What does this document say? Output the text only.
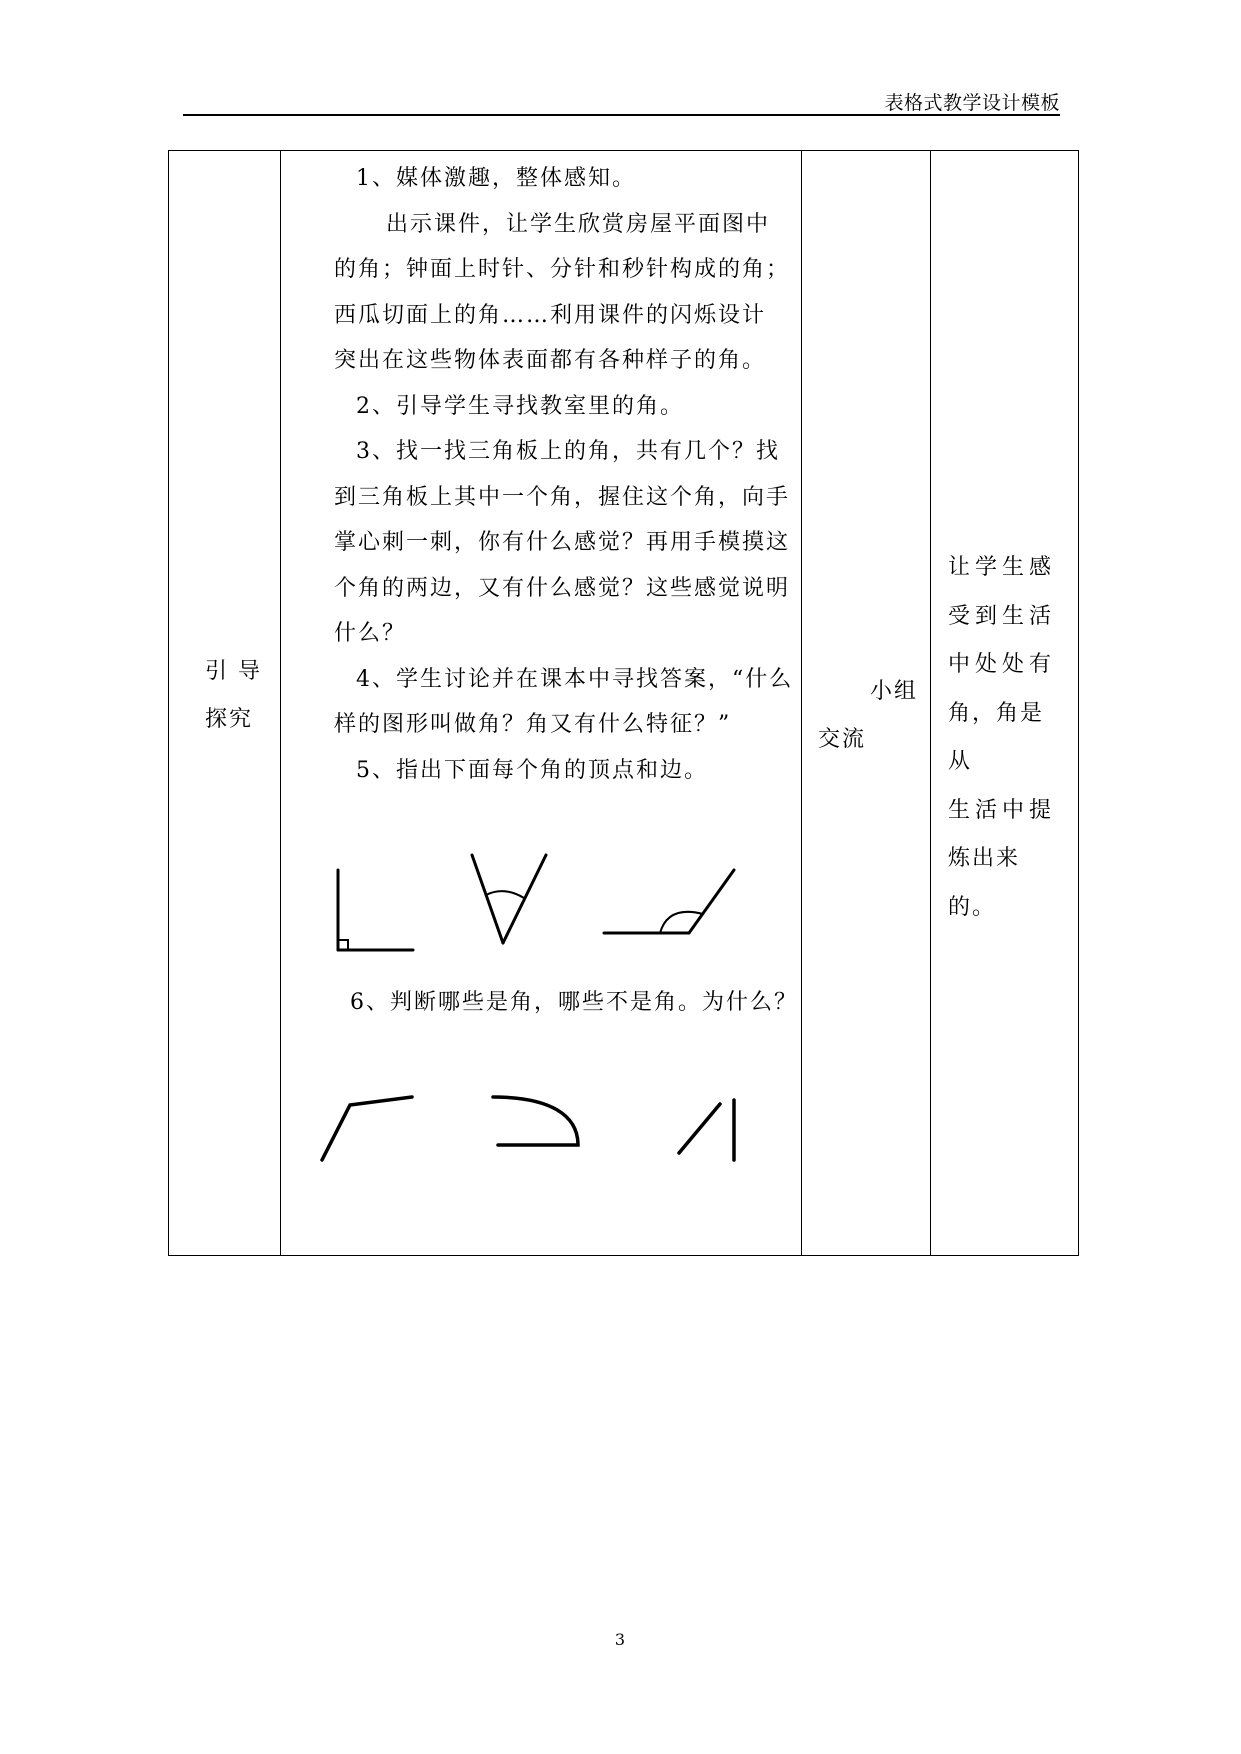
表格式教学设计模板
引 导
探究

1、媒体激趣，整体感知。

出示课件，让学生欣赏房屋平面图中

的角；钟面上时针、分针和秒针构成的角；

西瓜切面上的角……利用课件的闪烁设计

突出在这些物体表面都有各种样子的角。

2、引导学生寻找教室里的角。

3、找一找三角板上的角，共有几个？找

到三角板上其中一个角，握住这个角，向手

掌心刺一刺，你有什么感觉？再用手模摸这

个角的两边，又有什么感觉？这些感觉说明

什么？

4、学生讨论并在课本中寻找答案，“什么

样的图形叫做角？角又有什么特征？”

5、指出下面每个角的顶点和边。

6、判断哪些是角，哪些不是角。为什么？
小组
交流
让学生感
受到生活
中处处有
角，角是从
生活中提
炼出来的。
3
